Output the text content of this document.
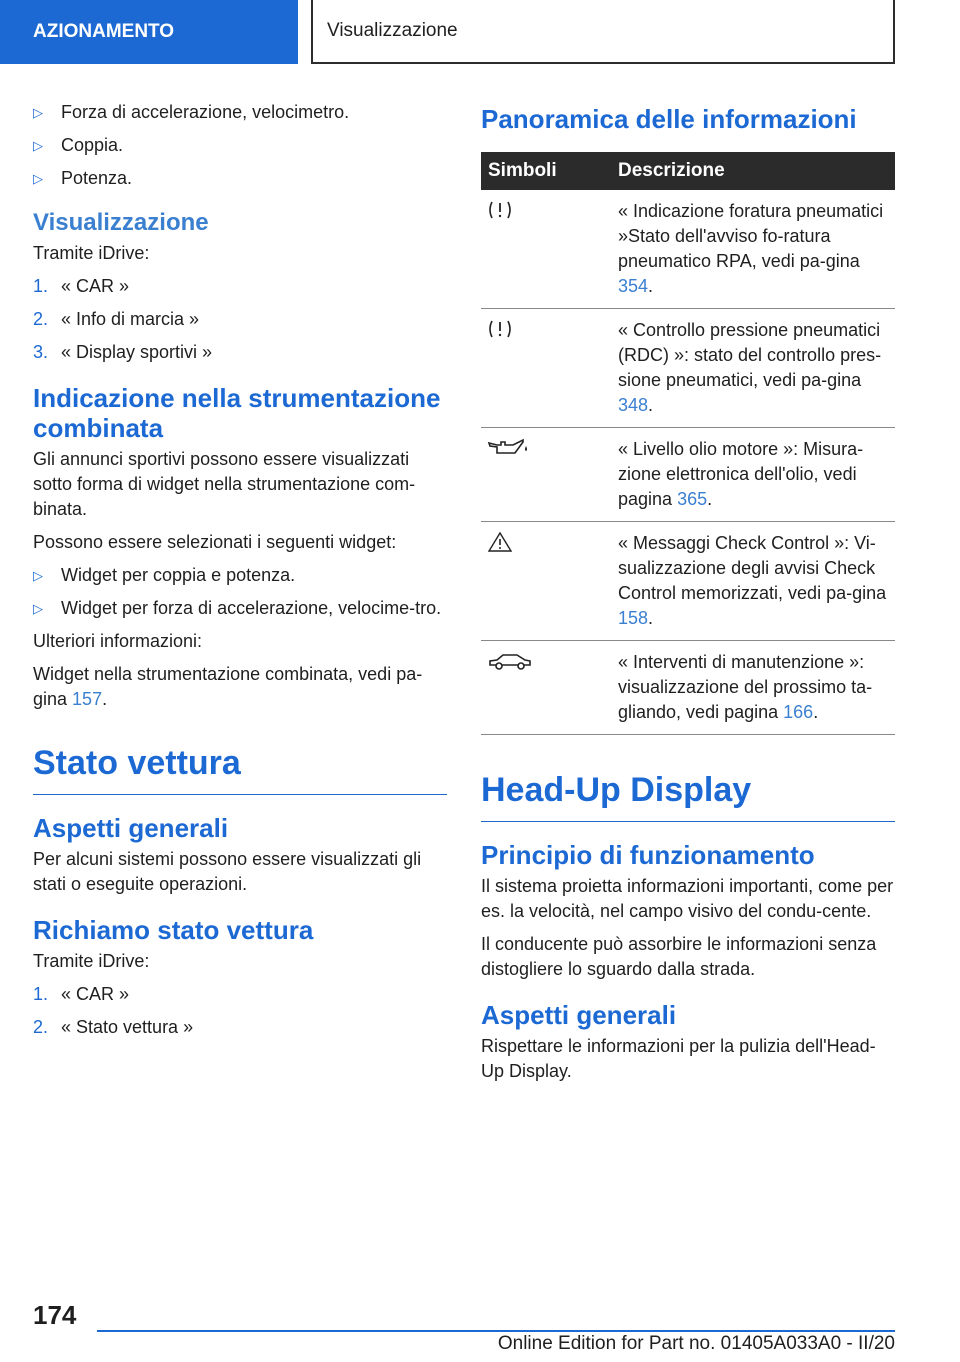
AZIONAMENTO	Visualizzazione
▷	Forza di accelerazione, velocimetro.
▷	Coppia.
▷	Potenza.
Visualizzazione

Tramite iDrive:

1. « CAR »
2. « Info di marcia »
3. « Display sportivi »
Indicazione nella strumentazione combinata

Gli annunci sportivi possono essere visualizzati sotto forma di widget nella strumentazione com-binata.

Possono essere selezionati i seguenti widget:

▷	Widget per coppia e potenza.
▷	Widget per forza di accelerazione, velocime-tro.

Ulteriori informazioni:

Widget nella strumentazione combinata, vedi pa-gina 157.

Stato vettura
Aspetti generali

Per alcuni sistemi possono essere visualizzati gli stati o eseguite operazioni.

Richiamo stato vettura

Tramite iDrive:

1. « CAR »
2. « Stato vettura »
Panoramica delle informazioni
Simboli	Descrizione

	« Indicazione foratura pneumatici »Stato dell'avviso fo-ratura pneumatico RPA, vedi pa-gina 354.

	« Controllo pressione pneumatici (RDC) »: stato del controllo pres-sione pneumatici, vedi pa-gina 348.

	« Livello olio motore »: Misura-zione elettronica dell'olio, vedi pagina 365.

	« Messaggi Check Control »: Vi-sualizzazione degli avvisi Check Control memorizzati, vedi pa-gina 158.

	« Interventi di manutenzione »: visualizzazione del prossimo ta-gliando, vedi pagina 166.
Head-Up Display
Principio di funzionamento

Il sistema proietta informazioni importanti, come per es. la velocità, nel campo visivo del condu-cente.

Il conducente può assorbire le informazioni senza distogliere lo sguardo dalla strada.

Aspetti generali

Rispettare le informazioni per la pulizia dell'Head-Up Display.

174
Online Edition for Part no. 01405A033A0 - II/20
